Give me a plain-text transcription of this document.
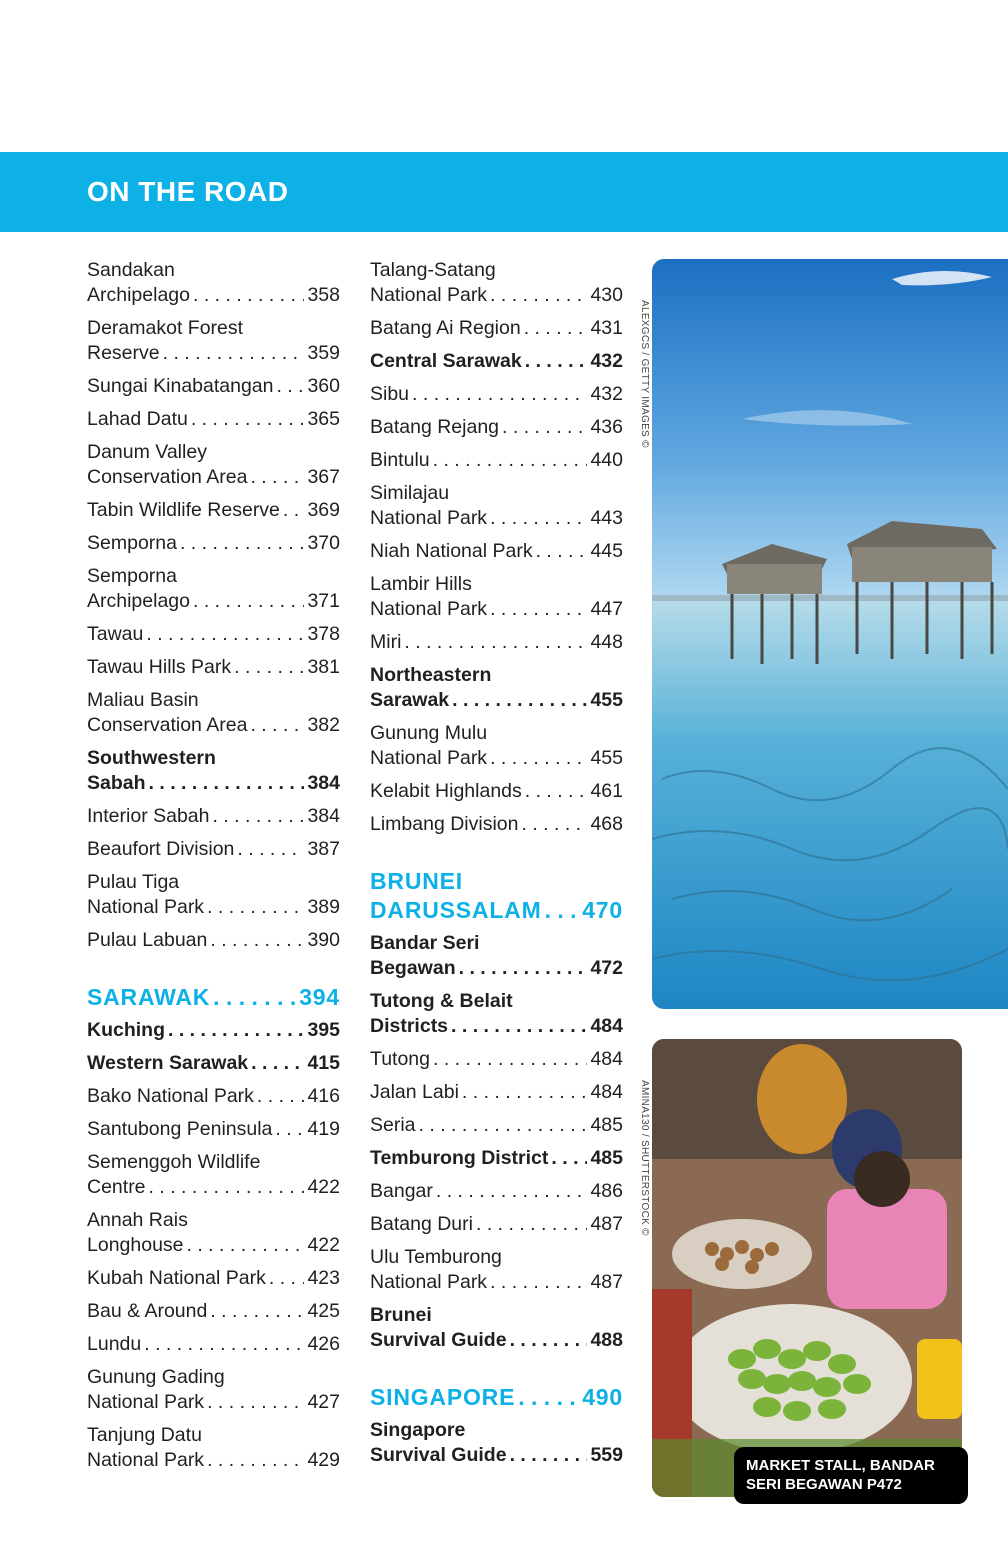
ON THE ROAD
Sandakan
Archipelago . . .	358
Deramakot Forest
Reserve . . .	359
Sungai Kinabatangan . . . 360
Lahad Datu . . .	365
Danum Valley
Conservation Area . . .	367
Tabin Wildlife Reserve . . . 369
Semporna . . .	370
Semporna
Archipelago . . .	371
Tawau . . .	378
Tawau Hills Park . . .	381
Maliau Basin
Conservation Area . . .	382
Southwestern
Sabah . . .	384
Interior Sabah . . .	384
Beaufort Division . . .	387
Pulau Tiga
National Park . . .	389
Pulau Labuan . . .	390
SARAWAK . . .	394
Kuching . . .	395
Western Sarawak . . .	415
Bako National Park . . .	416
Santubong Peninsula . . . 419
Semenggoh Wildlife
Centre . . .	422
Annah Rais
Longhouse . . .	422
Kubah National Park . . . 423
Bau & Around . . .	425
Lundu . . .	426
Gunung Gading
National Park . . .	427
Tanjung Datu
National Park . . .	429
Talang-Satang
National Park . . .	430
Batang Ai Region . . .	431
Central Sarawak . . .	432
Sibu . . .	432
Batang Rejang . . .	436
Bintulu . . .	440
Similajau
National Park . . .	443
Niah National Park . . .	445
Lambir Hills
National Park . . .	447
Miri . . .	448
Northeastern
Sarawak . . .	455
Gunung Mulu
National Park . . .	455
Kelabit Highlands . . .	461
Limbang Division . . .	468
BRUNEI
DARUSSALAM . . . 470
Bandar Seri
Begawan . . .	472
Tutong & Belait
Districts . . .	484
Tutong . . .	484
Jalan Labi . . .	484
Seria . . .	485
Temburong District . . . 485
Bangar . . .	486
Batang Duri . . .	487
Ulu Temburong
National Park . . .	487
Brunei
Survival Guide . . .	488
SINGAPORE . . .	490
Singapore
Survival Guide . . .	559
ALEXGCS / GETTY IMAGES ©
AMINA130 / SHUTTERSTOCK ©
MARKET STALL, BANDAR
SERI BEGAWAN P472
